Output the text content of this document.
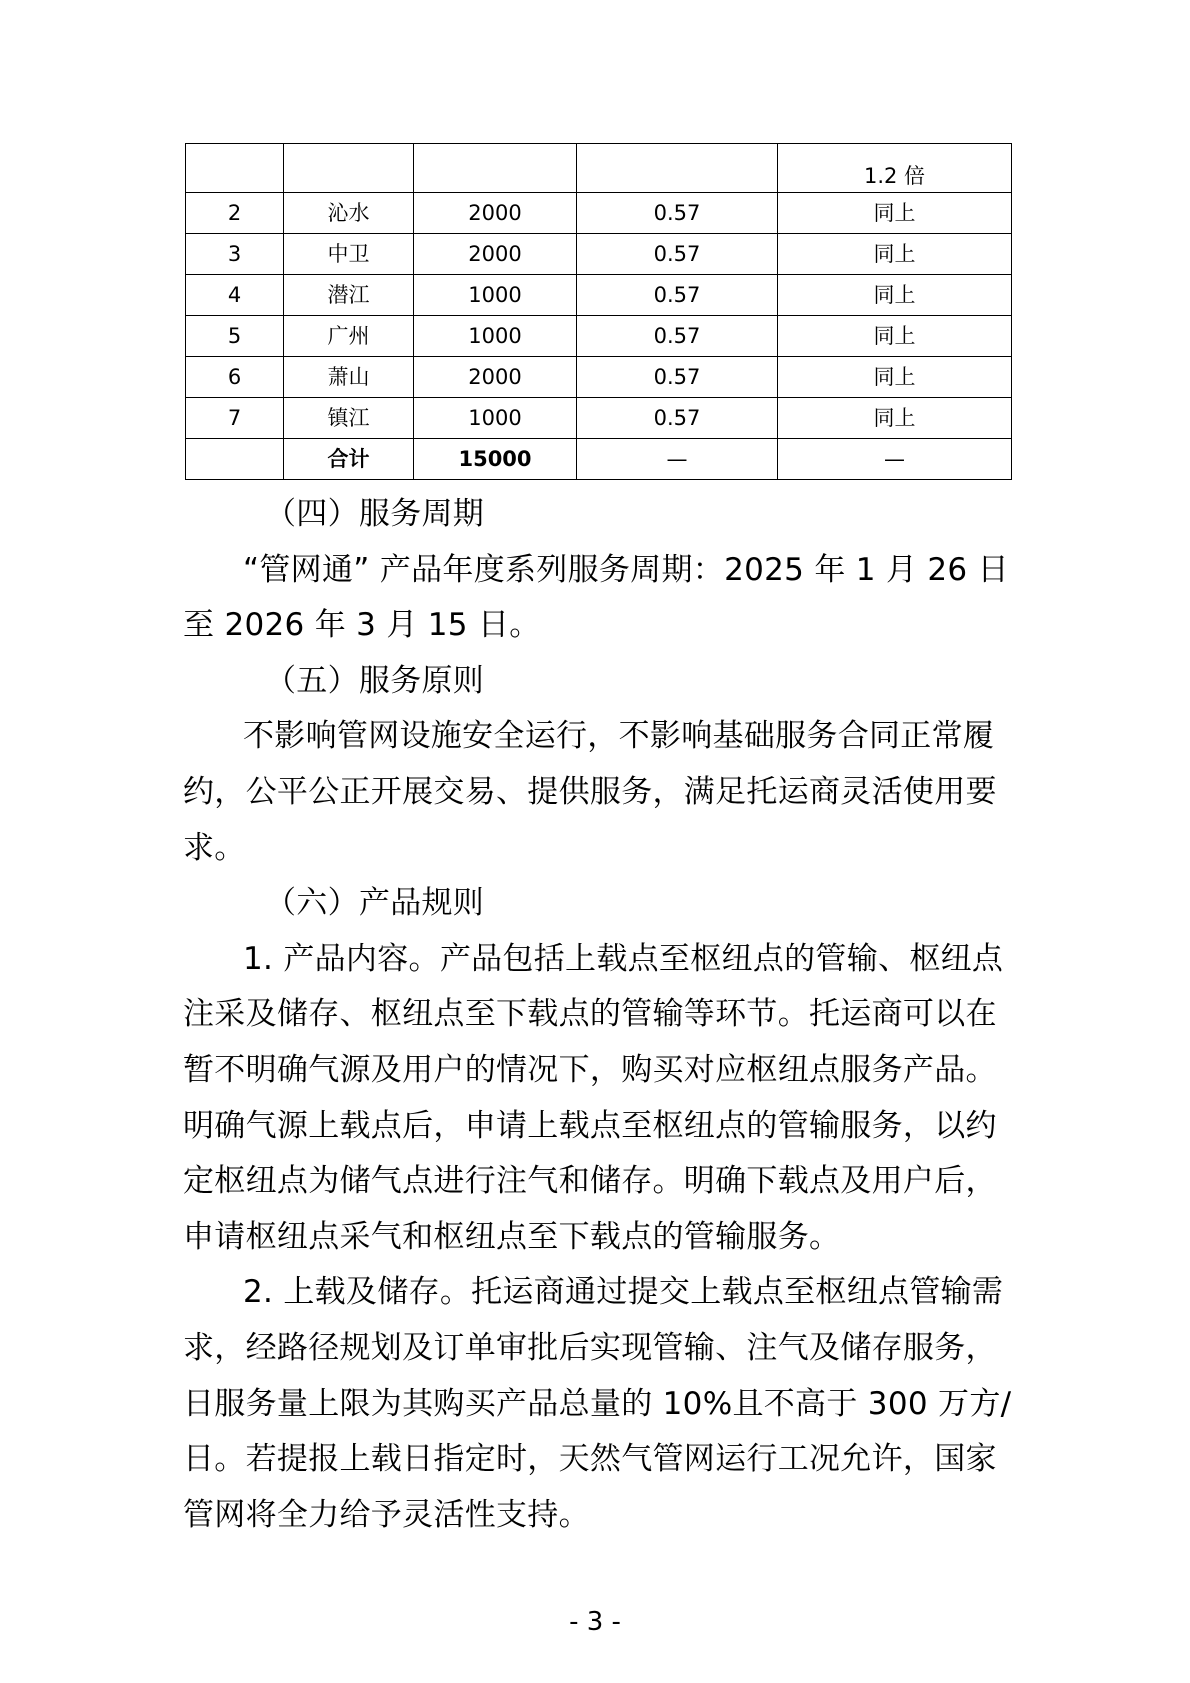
				1.2 倍
2	沁水	2000	0.57	同上
3	中卫	2000	0.57	同上
4	潜江	1000	0.57	同上
5	广州	1000	0.57	同上
6	萧山	2000	0.57	同上
7	镇江	1000	0.57	同上
	合计	15000	—	—

（四）服务周期

“管网通” 产品年度系列服务周期：2025 年 1 月 26 日至 2026 年 3 月 15 日。

（五）服务原则

不影响管网设施安全运行，不影响基础服务合同正常履约，公平公正开展交易、提供服务，满足托运商灵活使用要求。

（六）产品规则

1. 产品内容。产品包括上载点至枢纽点的管输、枢纽点注采及储存、枢纽点至下载点的管输等环节。托运商可以在暂不明确气源及用户的情况下，购买对应枢纽点服务产品。明确气源上载点后，申请上载点至枢纽点的管输服务，以约定枢纽点为储气点进行注气和储存。明确下载点及用户后，申请枢纽点采气和枢纽点至下载点的管输服务。

2. 上载及储存。托运商通过提交上载点至枢纽点管输需求，经路径规划及订单审批后实现管输、注气及储存服务，日服务量上限为其购买产品总量的 10%且不高于 300 万方/日。若提报上载日指定时，天然气管网运行工况允许，国家管网将全力给予灵活性支持。

- 3 -
